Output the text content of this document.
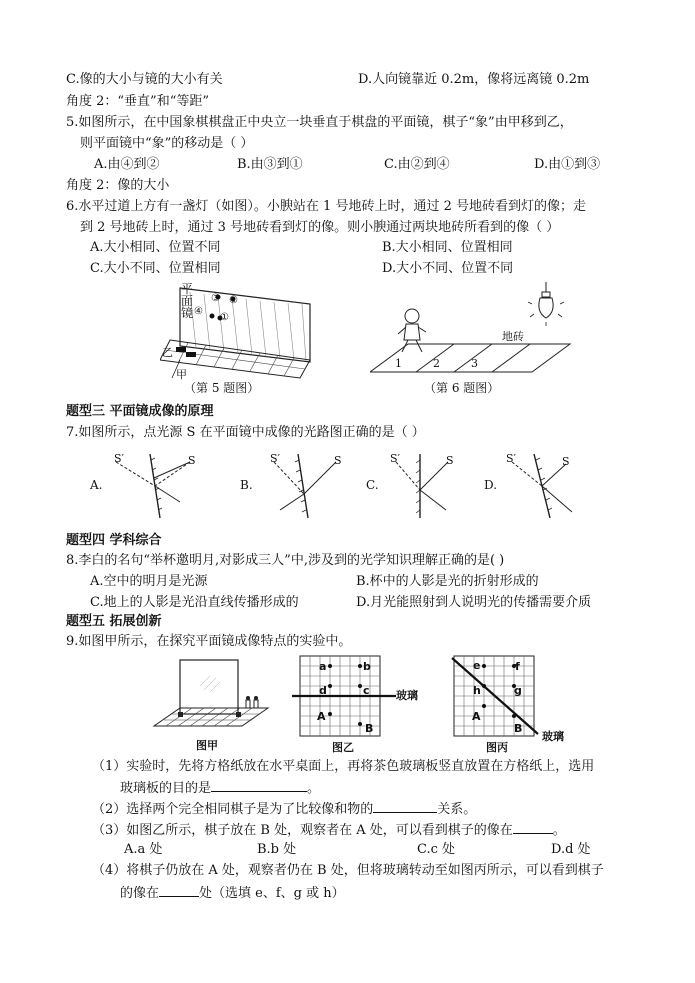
C.像的大小与镜的大小有关	D.人向镜靠近 0.2m，像将远离镜 0.2m
角度 2：“垂直”和“等距”
5.如图所示，在中国象棋棋盘正中央立一块垂直于棋盘的平面镜，棋子“象”由甲移到乙，
则平面镜中“象”的移动是（ ）
A.由④到②	B.由③到①	C.由②到④	D.由①到③
角度 2：像的大小
6.水平过道上方有一盏灯（如图）。小腴站在 1 号地砖上时，通过 2 号地砖看到灯的像；走
到 2 号地砖上时，通过 3 号地砖看到灯的像。则小腴通过两块地砖所看到的像（ ）
A.大小相同、位置不同	B.大小相同、位置相同
C.大小不同、位置相同	D.大小不同、位置不同
平
面
镜
③ ②
④
①
乙
甲
（第 5 题图）
地砖
1	2	3
（第 6 题图）
题型三 平面镜成像的原理
7.如图所示，点光源 S 在平面镜中成像的光路图正确的是（ ）
A.	B.	C.	D.
S′	S	S′	S	S′	S	S′	S
题型四 学科综合
8.李白的名句“举杯邀明月,对影成三人”中,涉及到的光学知识理解正确的是( )
A.空中的明月是光源	B.杯中的人影是光的折射形成的
C.地上的人影是光沿直线传播形成的	D.月光能照射到人说明光的传播需要介质
题型五 拓展创新
9.如图甲所示，在探究平面镜成像特点的实验中。
图甲
a	b
d	c
A
B
玻璃
图乙
e	f
h	g
A
B
玻璃
图丙
（1）实验时，先将方格纸放在水平桌面上，再将茶色玻璃板竖直放置在方格纸上，选用
玻璃板的目的是	。
（2）选择两个完全相同棋子是为了比较像和物的	关系。
（3）如图乙所示，棋子放在 B 处，观察者在 A 处，可以看到棋子的像在	。
A.a 处	B.b 处	C.c 处	D.d 处
（4）将棋子仍放在 A 处，观察者仍在 B 处，但将玻璃转动至如图丙所示，可以看到棋子
的像在	处（选填 e、f、g 或 h）
